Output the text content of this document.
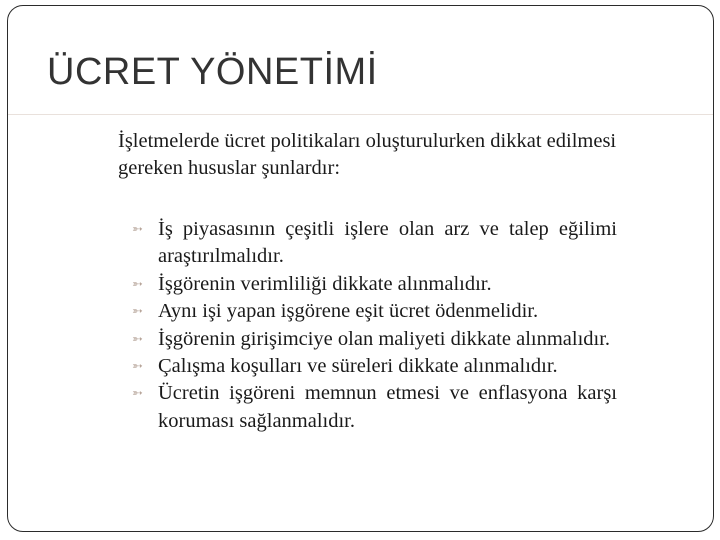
ÜCRET YÖNETİMİ

İşletmelerde ücret politikaları oluşturulurken dikkat edilmesi gereken hususlar şunlardır:

➳ İş piyasasının çeşitli işlere olan arz ve talep eğilimi araştırılmalıdır.
➳ İşgörenin verimliliği dikkate alınmalıdır.
➳ Aynı işi yapan işgörene eşit ücret ödenmelidir.
➳ İşgörenin girişimciye olan maliyeti dikkate alınmalıdır.
➳ Çalışma koşulları ve süreleri dikkate alınmalıdır.
➳ Ücretin işgöreni memnun etmesi ve enflasyona karşı koruması sağlanmalıdır.
